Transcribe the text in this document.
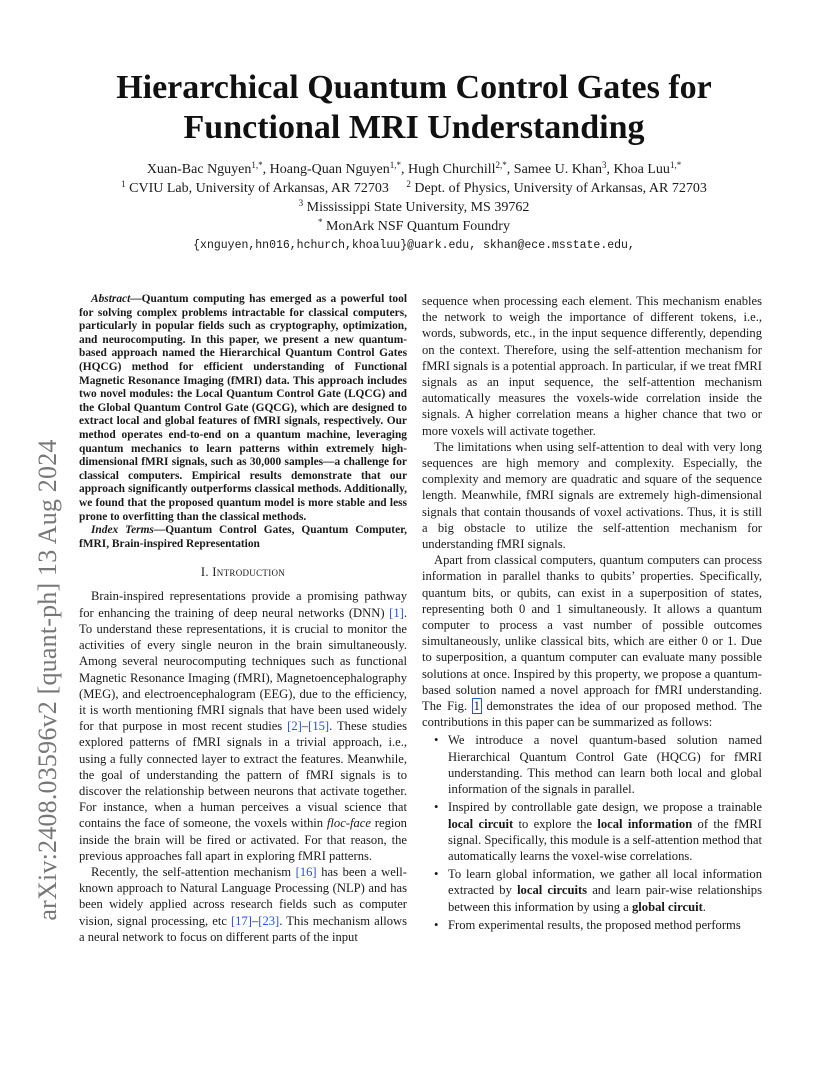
arXiv:2408.03596v2 [quant-ph] 13 Aug 2024
Hierarchical Quantum Control Gates for Functional MRI Understanding
Xuan-Bac Nguyen$^{1,*}$, Hoang-Quan Nguyen$^{1,*}$, Hugh Churchill$^{2,*}$, Samee U. Khan$^3$, Khoa Luu$^{1,*}$
$^1$ CVIU Lab, University of Arkansas, AR 72703 $^2$ Dept. of Physics, University of Arkansas, AR 72703
$^3$ Mississippi State University, MS 39762
* MonArk NSF Quantum Foundry
{xnguyen,hn016,hchurch,khoaluu}@uark.edu, skhan@ece.msstate.edu,

Abstract—Quantum computing has emerged as a powerful tool for solving complex problems intractable for classical computers, particularly in popular fields such as cryptography, optimization, and neurocomputing. In this paper, we present a new quantum-based approach named the Hierarchical Quantum Control Gates (HQCG) method for efficient understanding of Functional Magnetic Resonance Imaging (fMRI) data. This approach includes two novel modules: the Local Quantum Control Gate (LQCG) and the Global Quantum Control Gate (GQCG), which are designed to extract local and global features of fMRI signals, respectively. Our method operates end-to-end on a quantum machine, leveraging quantum mechanics to learn patterns within extremely high-dimensional fMRI signals, such as 30,000 samples—a challenge for classical computers. Empirical results demonstrate that our approach significantly outperforms classical methods. Additionally, we found that the proposed quantum model is more stable and less prone to overfitting than the classical methods.

Index Terms—Quantum Control Gates, Quantum Computer, fMRI, Brain-inspired Representation

I. Introduction

Brain-inspired representations provide a promising pathway for enhancing the training of deep neural networks (DNN) [1]. To understand these representations, it is crucial to monitor the activities of every single neuron in the brain simultaneously. Among several neurocomputing techniques such as functional Magnetic Resonance Imaging (fMRI), Magnetoencephalography (MEG), and electroencephalogram (EEG), due to the efficiency, it is worth mentioning fMRI signals that have been used widely for that purpose in most recent studies [2]–[15]. These studies explored patterns of fMRI signals in a trivial approach, i.e., using a fully connected layer to extract the features. Meanwhile, the goal of understanding the pattern of fMRI signals is to discover the relationship between neurons that activate together. For instance, when a human perceives a visual science that contains the face of someone, the voxels within floc-face region inside the brain will be fired or activated. For that reason, the previous approaches fall apart in exploring fMRI patterns.

Recently, the self-attention mechanism [16] has been a well-known approach to Natural Language Processing (NLP) and has been widely applied across research fields such as computer vision, signal processing, etc [17]–[23]. This mechanism allows a neural network to focus on different parts of the input

sequence when processing each element. This mechanism enables the network to weigh the importance of different tokens, i.e., words, subwords, etc., in the input sequence differently, depending on the context. Therefore, using the self-attention mechanism for fMRI signals is a potential approach. In particular, if we treat fMRI signals as an input sequence, the self-attention mechanism automatically measures the voxels-wide correlation inside the signals. A higher correlation means a higher chance that two or more voxels will activate together.

The limitations when using self-attention to deal with very long sequences are high memory and complexity. Especially, the complexity and memory are quadratic and square of the sequence length. Meanwhile, fMRI signals are extremely high-dimensional signals that contain thousands of voxel activations. Thus, it is still a big obstacle to utilize the self-attention mechanism for understanding fMRI signals.

Apart from classical computers, quantum computers can process information in parallel thanks to qubits’ properties. Specifically, quantum bits, or qubits, can exist in a superposition of states, representing both 0 and 1 simultaneously. It allows a quantum computer to process a vast number of possible outcomes simultaneously, unlike classical bits, which are either 0 or 1. Due to superposition, a quantum computer can evaluate many possible solutions at once. Inspired by this property, we propose a quantum-based solution named a novel approach for fMRI understanding. The Fig. 1 demonstrates the idea of our proposed method. The contributions in this paper can be summarized as follows:

• We introduce a novel quantum-based solution named Hierarchical Quantum Control Gate (HQCG) for fMRI understanding. This method can learn both local and global information of the signals in parallel.
• Inspired by controllable gate design, we propose a trainable local circuit to explore the local information of the fMRI signal. Specifically, this module is a self-attention method that automatically learns the voxel-wise correlations.
• To learn global information, we gather all local information extracted by local circuits and learn pair-wise relationships between this information by using a global circuit.
• From experimental results, the proposed method performs
